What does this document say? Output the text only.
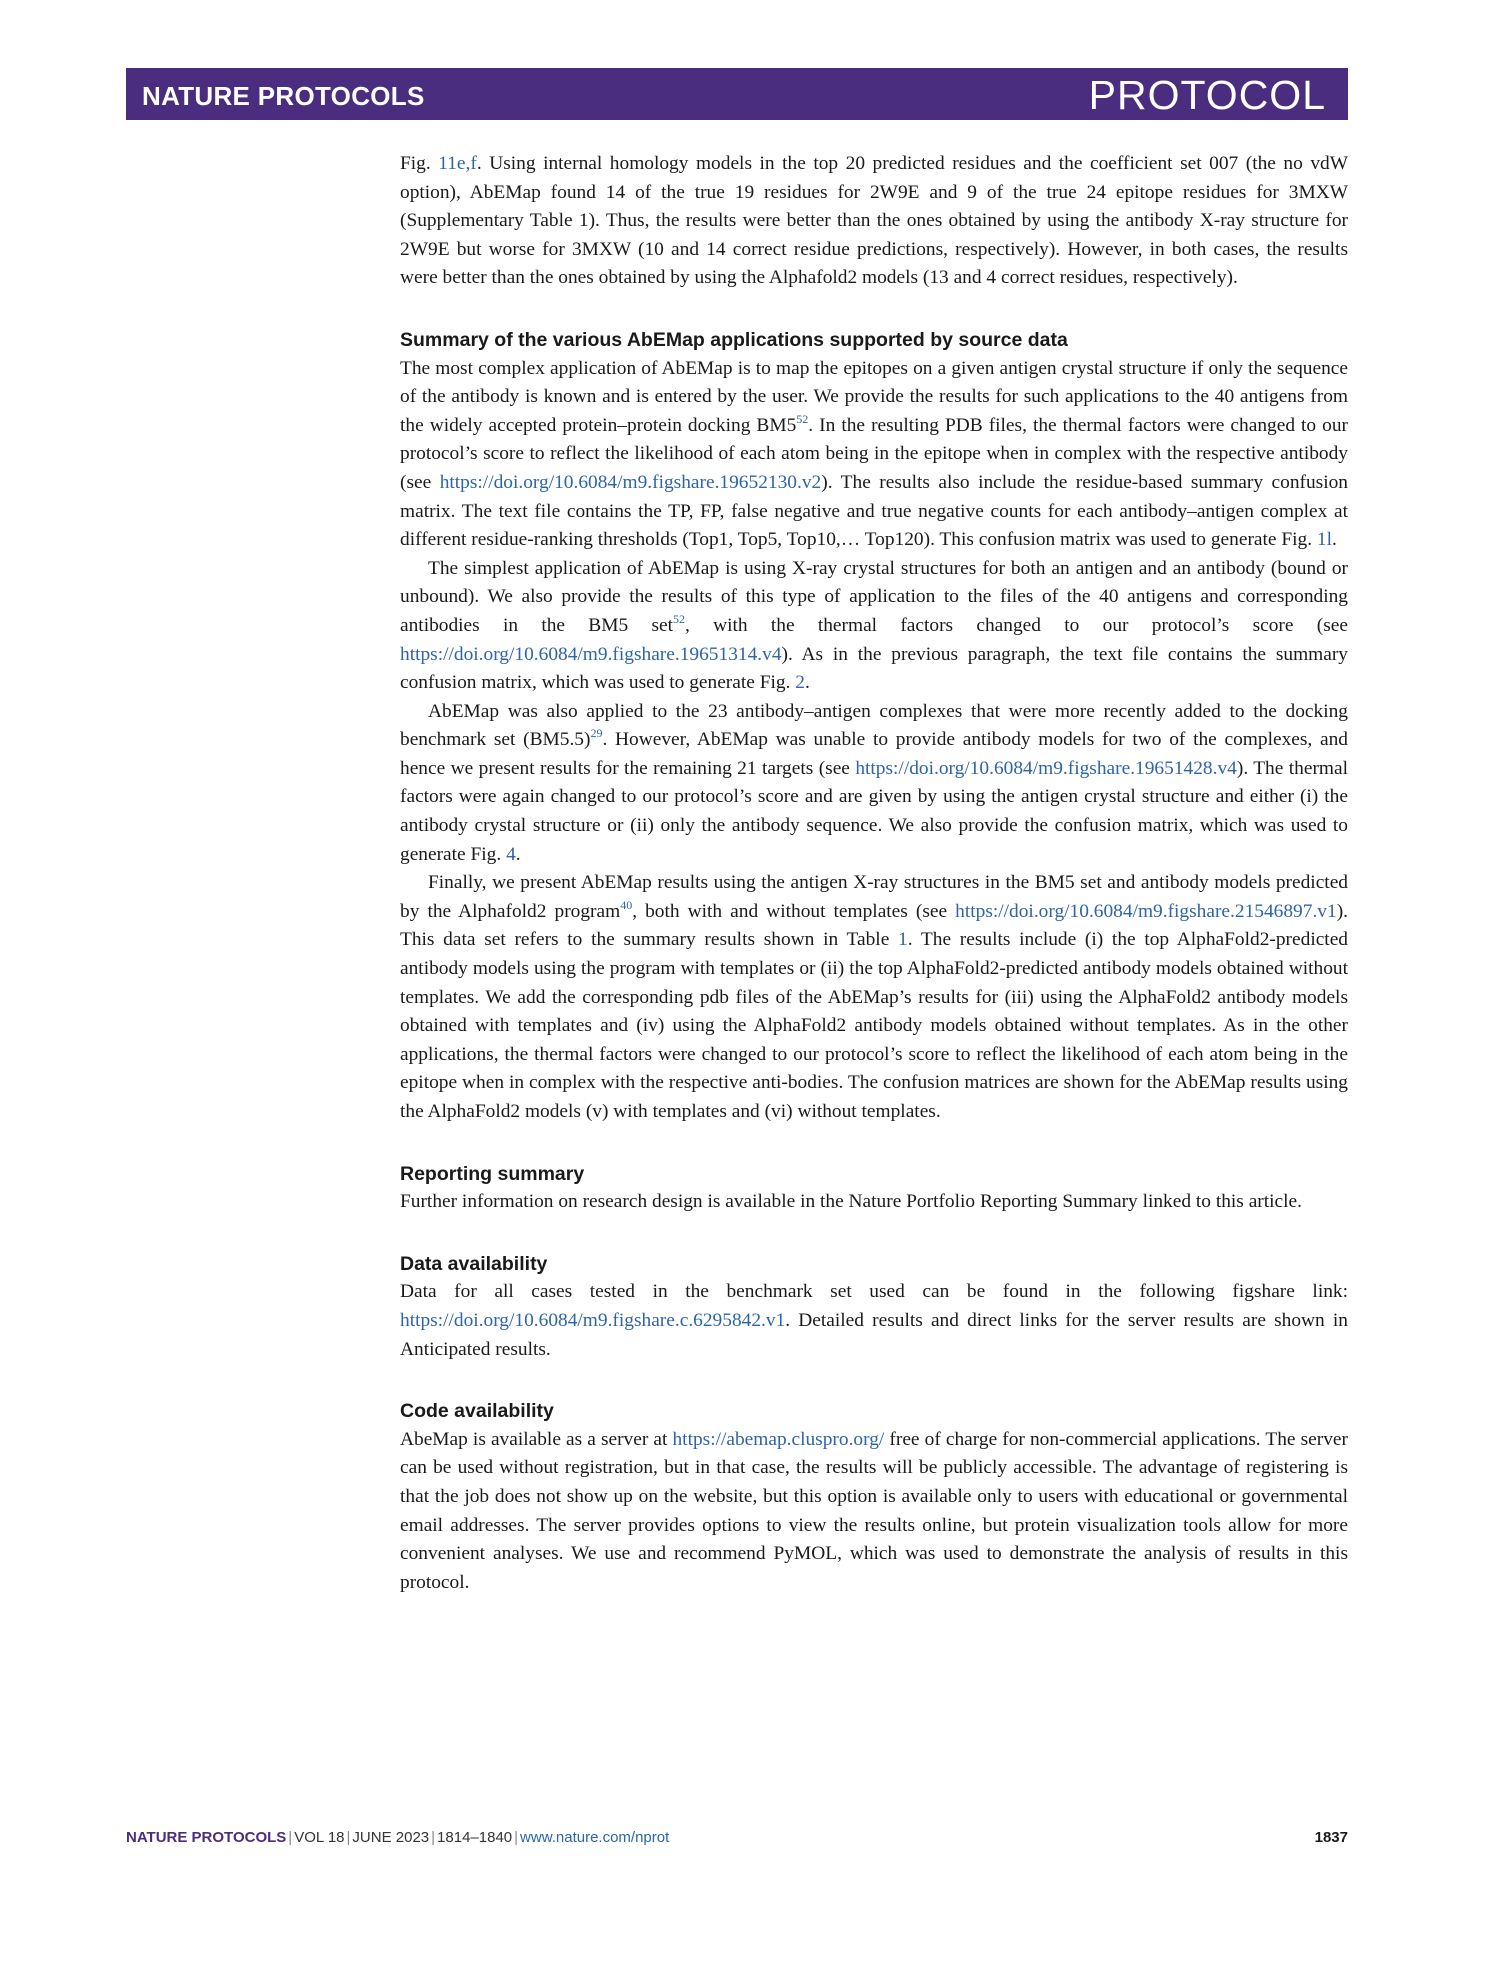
NATURE PROTOCOLS	PROTOCOL

Fig. 11e,f. Using internal homology models in the top 20 predicted residues and the coefficient set 007 (the no vdW option), AbEMap found 14 of the true 19 residues for 2W9E and 9 of the true 24 epitope residues for 3MXW (Supplementary Table 1). Thus, the results were better than the ones obtained by using the antibody X-ray structure for 2W9E but worse for 3MXW (10 and 14 correct residue predictions, respectively). However, in both cases, the results were better than the ones obtained by using the Alphafold2 models (13 and 4 correct residues, respectively).

Summary of the various AbEMap applications supported by source data

The most complex application of AbEMap is to map the epitopes on a given antigen crystal structure if only the sequence of the antibody is known and is entered by the user. We provide the results for such applications to the 40 antigens from the widely accepted protein–protein docking $BM5^{52}$. In the resulting PDB files, the thermal factors were changed to our protocol’s score to reflect the likelihood of each atom being in the epitope when in complex with the respective antibody (see https://doi.org/10.6084/m9.figshare.19652130.v2). The results also include the residue-based summary confusion matrix. The text file contains the TP, FP, false negative and true negative counts for each antibody–antigen complex at different residue-ranking thresholds (Top1, Top5, Top10,… Top120). This confusion matrix was used to generate Fig. 1l.

The simplest application of AbEMap is using X-ray crystal structures for both an antigen and an antibody (bound or unbound). We also provide the results of this type of application to the files of the 40 antigens and corresponding antibodies in the BM5 set$^{52}$, with the thermal factors changed to our protocol’s score (see https://doi.org/10.6084/m9.figshare.19651314.v4). As in the previous paragraph, the text file contains the summary confusion matrix, which was used to generate Fig. 2.

AbEMap was also applied to the 23 antibody–antigen complexes that were more recently added to the docking benchmark set $(BM5.5)^{29}$. However, AbEMap was unable to provide antibody models for two of the complexes, and hence we present results for the remaining 21 targets (see https://doi.org/10.6084/m9.figshare.19651428.v4). The thermal factors were again changed to our protocol’s score and are given by using the antigen crystal structure and either (i) the antibody crystal structure or (ii) only the antibody sequence. We also provide the confusion matrix, which was used to generate Fig. 4.

Finally, we present AbEMap results using the antigen X-ray structures in the BM5 set and antibody models predicted by the Alphafold2 program$^{40}$, both with and without templates (see https://doi.org/10.6084/m9.figshare.21546897.v1). This data set refers to the summary results shown in Table 1. The results include (i) the top AlphaFold2-predicted antibody models using the program with templates or (ii) the top AlphaFold2-predicted antibody models obtained without templates. We add the corresponding pdb files of the AbEMap’s results for (iii) using the AlphaFold2 antibody models obtained with templates and (iv) using the AlphaFold2 antibody models obtained without templates. As in the other applications, the thermal factors were changed to our protocol’s score to reflect the likelihood of each atom being in the epitope when in complex with the respective anti-bodies. The confusion matrices are shown for the AbEMap results using the AlphaFold2 models (v) with templates and (vi) without templates.

Reporting summary

Further information on research design is available in the Nature Portfolio Reporting Summary linked to this article.

Data availability

Data for all cases tested in the benchmark set used can be found in the following figshare link: https://doi.org/10.6084/m9.figshare.c.6295842.v1. Detailed results and direct links for the server results are shown in Anticipated results.

Code availability

AbeMap is available as a server at https://abemap.cluspro.org/ free of charge for non-commercial applications. The server can be used without registration, but in that case, the results will be publicly accessible. The advantage of registering is that the job does not show up on the website, but this option is available only to users with educational or governmental email addresses. The server provides options to view the results online, but protein visualization tools allow for more convenient analyses. We use and recommend PyMOL, which was used to demonstrate the analysis of results in this protocol.

NATURE PROTOCOLS | VOL 18 | JUNE 2023 | 1814–1840 | www.nature.com/nprot	1837
